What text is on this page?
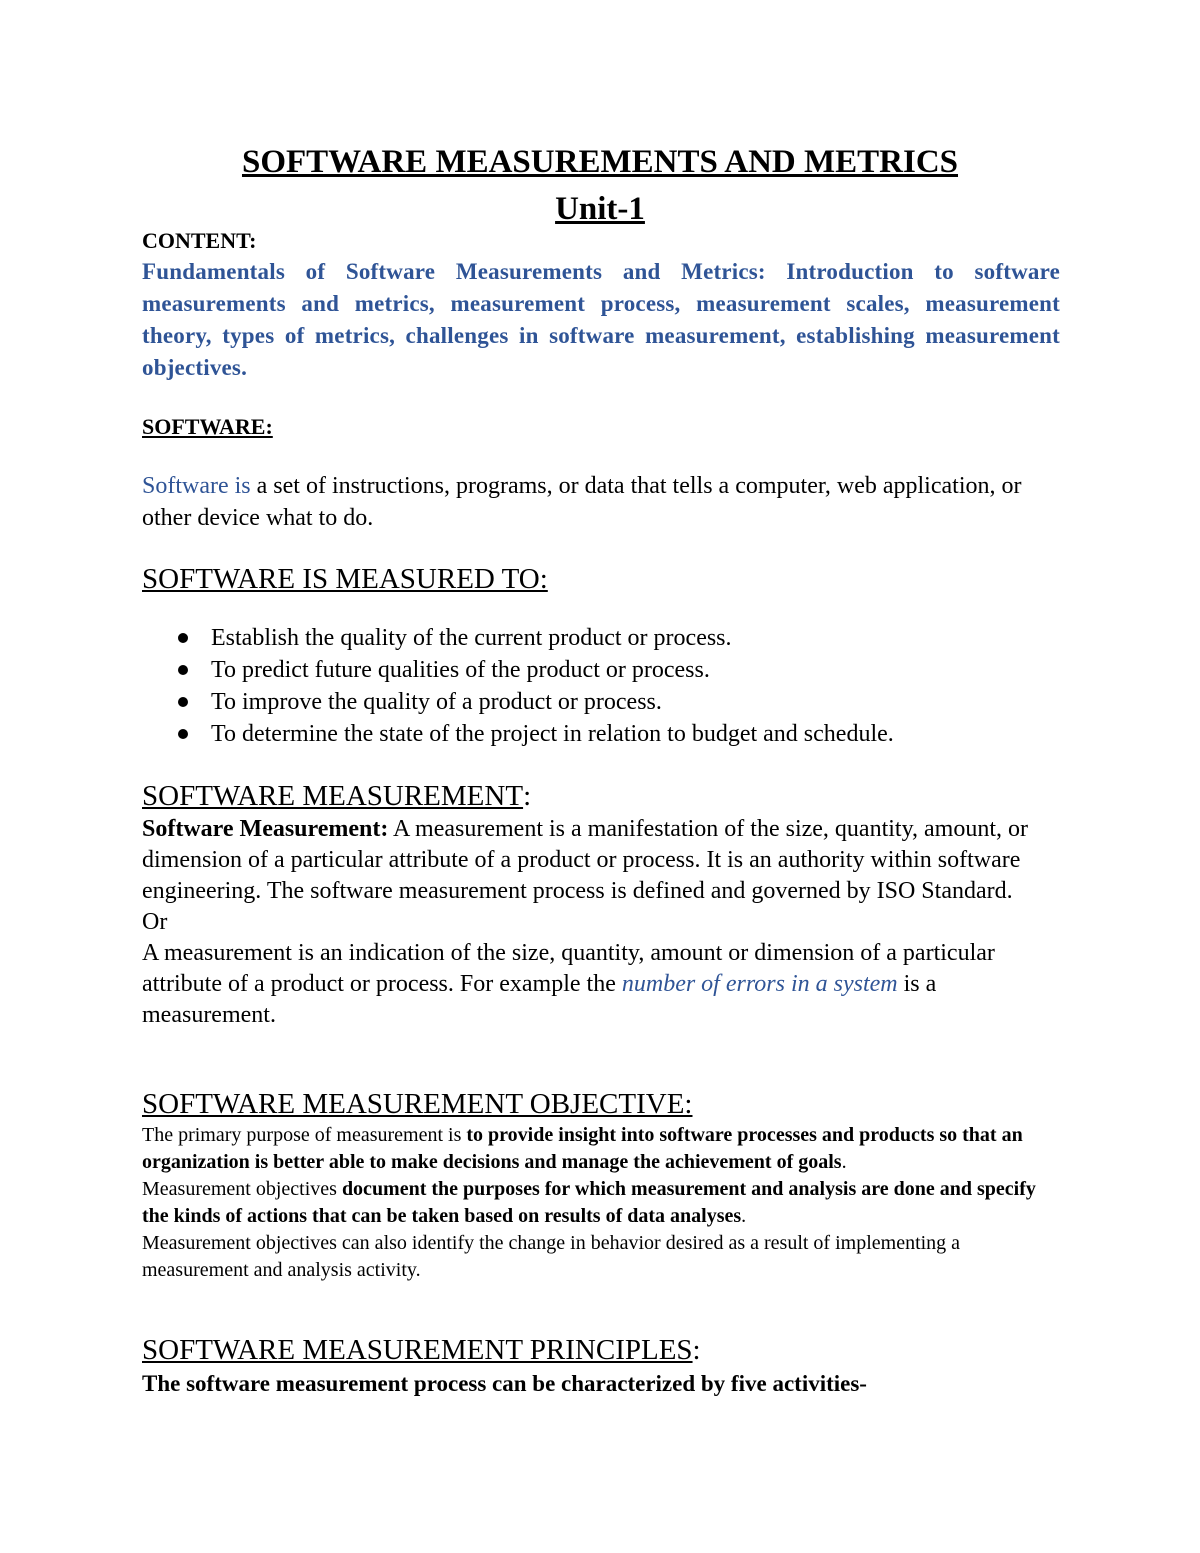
SOFTWARE MEASUREMENTS AND METRICS
Unit-1

CONTENT:

Fundamentals of Software Measurements and Metrics: Introduction to software measurements and metrics, measurement process, measurement scales, measurement theory, types of metrics, challenges in software measurement, establishing measurement objectives.

SOFTWARE:

Software is a set of instructions, programs, or data that tells a computer, web application, or other device what to do.

SOFTWARE IS MEASURED TO:
Establish the quality of the current product or process.
To predict future qualities of the product or process.
To improve the quality of a product or process.
To determine the state of the project in relation to budget and schedule.
SOFTWARE MEASUREMENT:

Software Measurement: A measurement is a manifestation of the size, quantity, amount, or dimension of a particular attribute of a product or process. It is an authority within software engineering. The software measurement process is defined and governed by ISO Standard.

Or

A measurement is an indication of the size, quantity, amount or dimension of a particular attribute of a product or process. For example the number of errors in a system is a measurement.

SOFTWARE MEASUREMENT OBJECTIVE:

The primary purpose of measurement is to provide insight into software processes and products so that an organization is better able to make decisions and manage the achievement of goals.

Measurement objectives document the purposes for which measurement and analysis are done and specify the kinds of actions that can be taken based on results of data analyses.

Measurement objectives can also identify the change in behavior desired as a result of implementing a measurement and analysis activity.

SOFTWARE MEASUREMENT PRINCIPLES:

The software measurement process can be characterized by five activities-
